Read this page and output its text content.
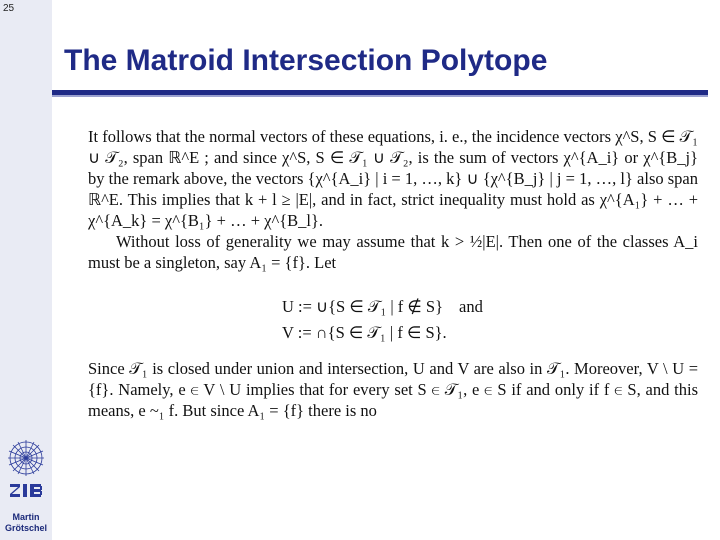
25
Martin
Grötschel
The Matroid Intersection Polytope

It follows that the normal vectors of these equations, i. e., the incidence vectors χ^S, S ∈ 𝒯₁ ∪ 𝒯₂, span ℝ^E ; and since χ^S, S ∈ 𝒯₁ ∪ 𝒯₂, is the sum of vectors χ^{A_i} or χ^{B_j} by the remark above, the vectors {χ^{A_i} | i = 1, …, k} ∪ {χ^{B_j} | j = 1, …, l} also span ℝ^E. This implies that k + l ≥ |E|, and in fact, strict inequality must hold as χ^{A₁} + … + χ^{A_k} = χ^{B₁} + … + χ^{B_l}.

Without loss of generality we may assume that k > ½|E|. Then one of the classes A_i must be a singleton, say A₁ = {f}. Let

U := ∪{S ∈ 𝒯₁ | f ∉ S} and
V := ∩{S ∈ 𝒯₁ | f ∈ S}.
Since 𝒯₁ is closed under union and intersection, U and V are also in 𝒯₁. Moreover, V \ U = {f}. Namely, e ∈ V \ U implies that for every set S ∈ 𝒯₁, e ∈ S if and only if f ∈ S, and this means, e ~₁ f. But since A₁ = {f} there is no
